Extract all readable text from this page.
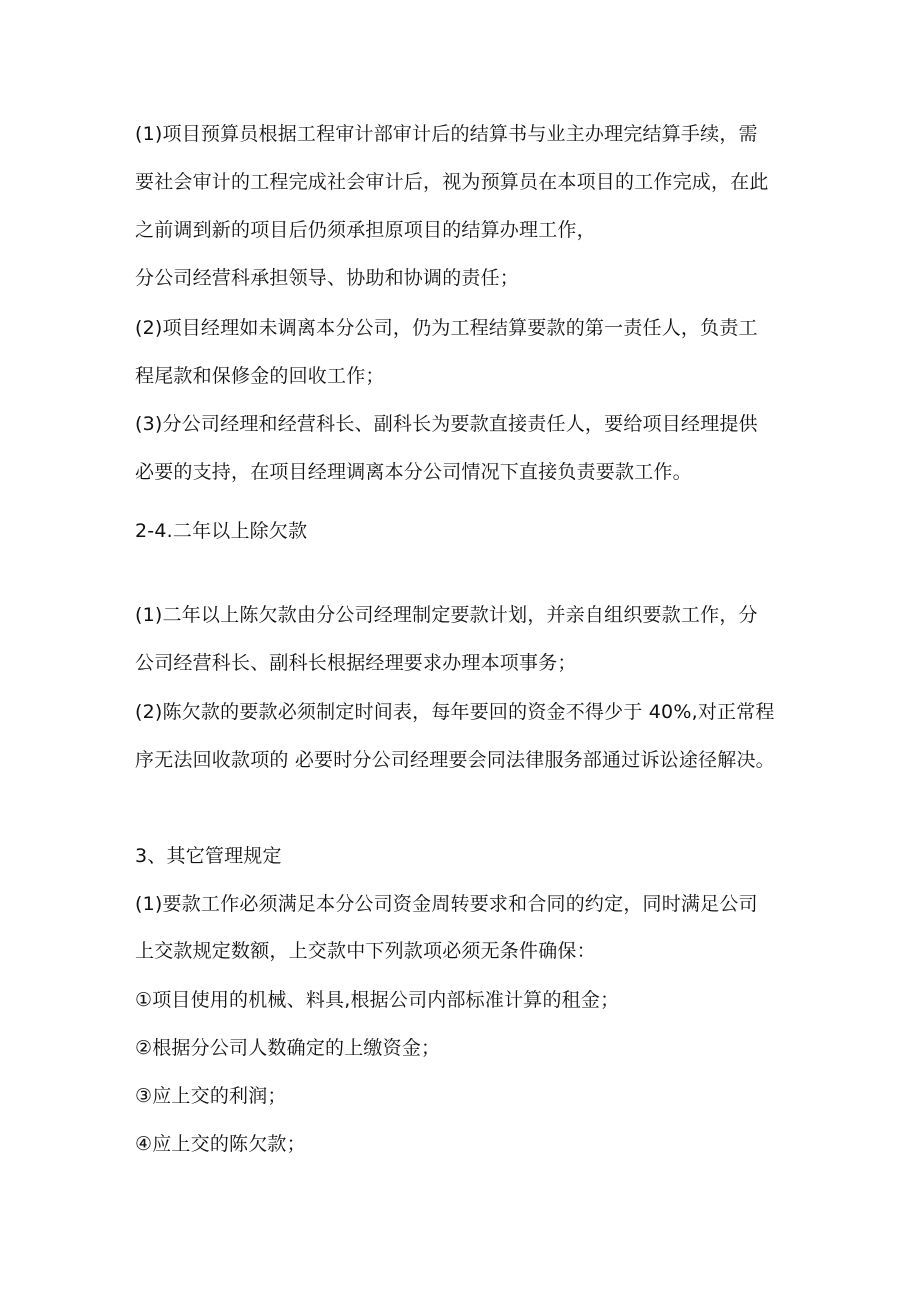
(1)项目预算员根据工程审计部审计后的结算书与业主办理完结算手续，需
要社会审计的工程完成社会审计后，视为预算员在本项目的工作完成，在此
之前调到新的项目后仍须承担原项目的结算办理工作，
分公司经营科承担领导、协助和协调的责任；
(2)项目经理如未调离本分公司，仍为工程结算要款的第一责任人，负责工
程尾款和保修金的回收工作；
(3)分公司经理和经营科长、副科长为要款直接责任人，要给项目经理提供
必要的支持，在项目经理调离本分公司情况下直接负责要款工作。
2-4.二年以上除欠款
(1)二年以上陈欠款由分公司经理制定要款计划，并亲自组织要款工作，分
公司经营科长、副科长根据经理要求办理本项事务；
(2)陈欠款的要款必须制定时间表，每年要回的资金不得少于 40%,对正常程
序无法回收款项的 必要时分公司经理要会同法律服务部通过诉讼途径解决。
3、其它管理规定
(1)要款工作必须满足本分公司资金周转要求和合同的约定，同时满足公司
上交款规定数额，上交款中下列款项必须无条件确保：
①项目使用的机械、料具,根据公司内部标准计算的租金；
②根据分公司人数确定的上缴资金；
③应上交的利润；
④应上交的陈欠款；
